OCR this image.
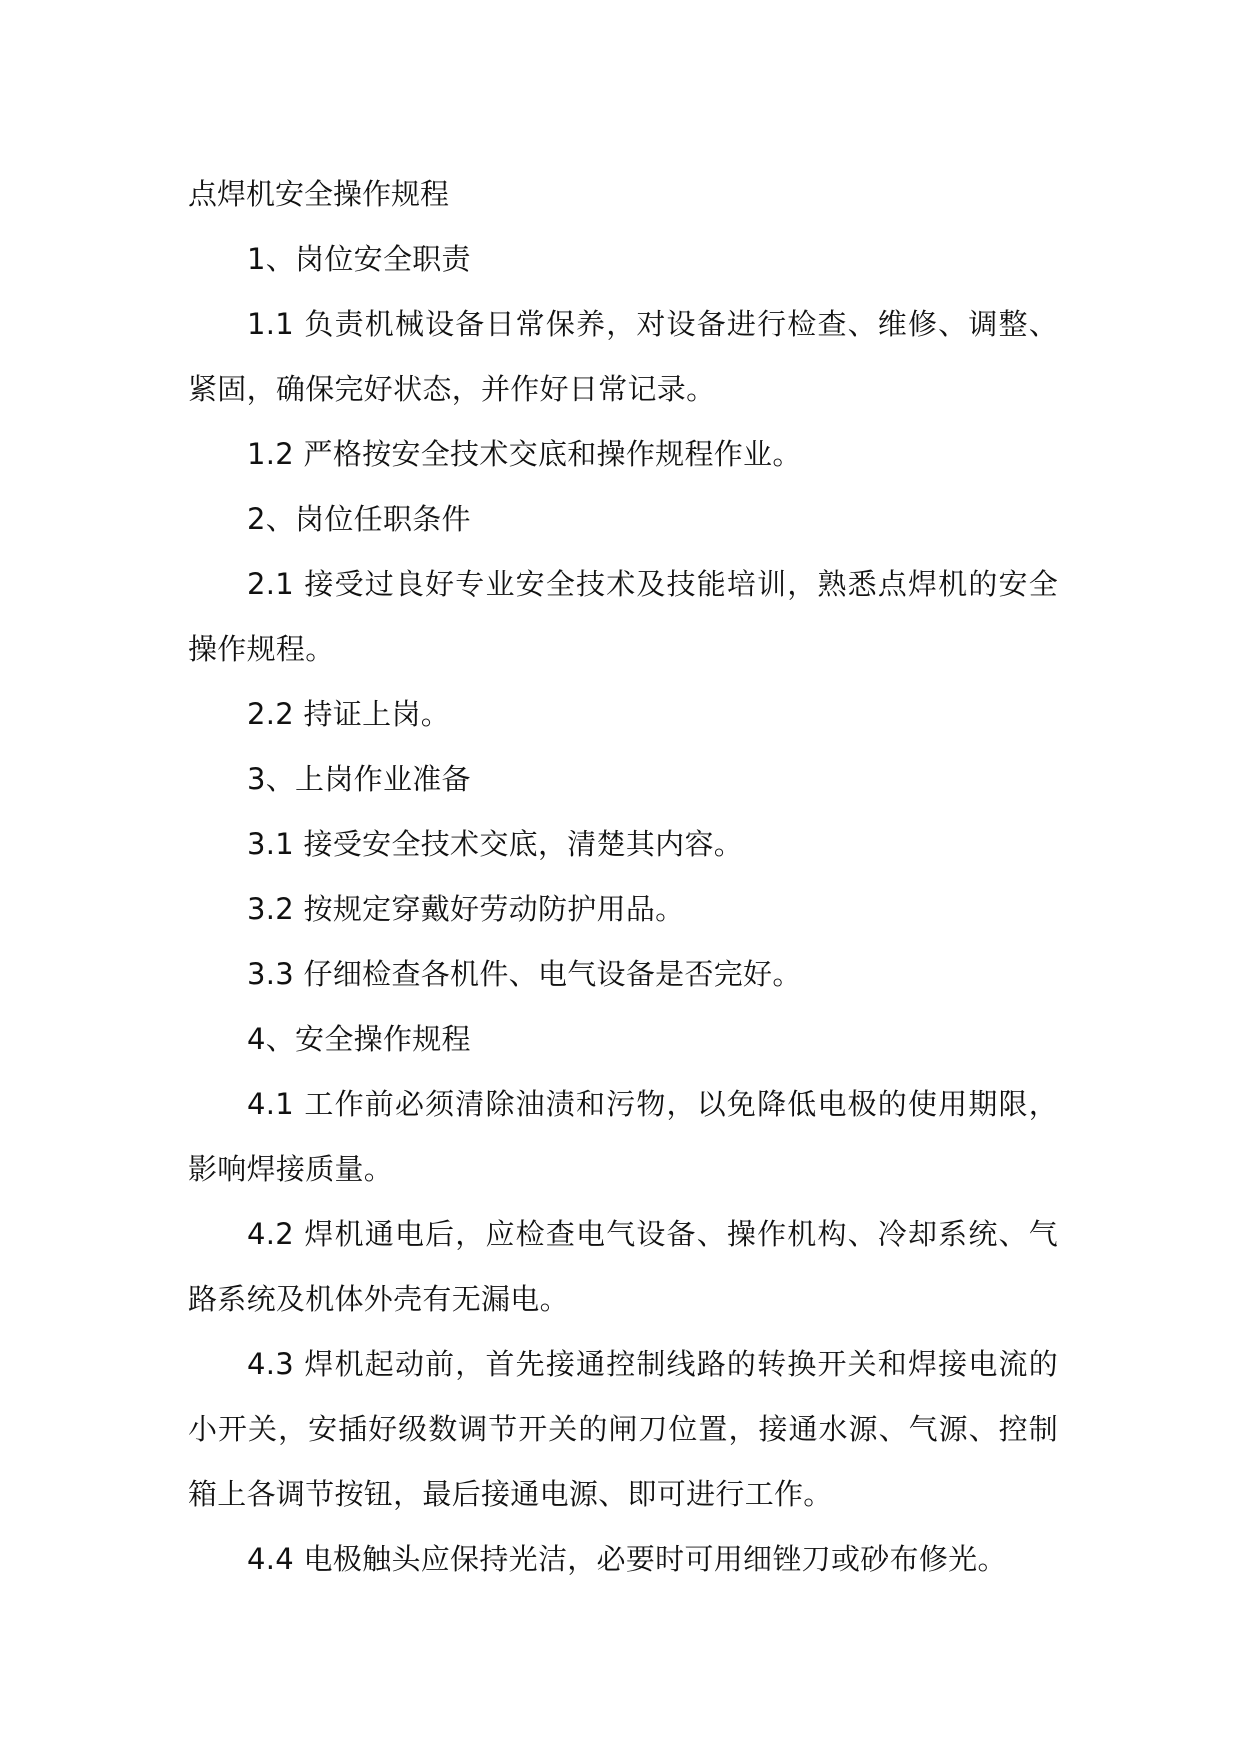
点焊机安全操作规程

1、岗位安全职责

1.1 负责机械设备日常保养，对设备进行检查、维修、调整、紧固，确保完好状态，并作好日常记录。

1.2 严格按安全技术交底和操作规程作业。

2、岗位任职条件

2.1 接受过良好专业安全技术及技能培训，熟悉点焊机的安全操作规程。

2.2 持证上岗。

3、上岗作业准备

3.1 接受安全技术交底，清楚其内容。

3.2 按规定穿戴好劳动防护用品。

3.3 仔细检查各机件、电气设备是否完好。

4、安全操作规程

4.1 工作前必须清除油渍和污物，以免降低电极的使用期限，影响焊接质量。

4.2 焊机通电后，应检查电气设备、操作机构、冷却系统、气路系统及机体外壳有无漏电。

4.3 焊机起动前，首先接通控制线路的转换开关和焊接电流的小开关，安插好级数调节开关的闸刀位置，接通水源、气源、控制箱上各调节按钮，最后接通电源、即可进行工作。

4.4 电极触头应保持光洁，必要时可用细锉刀或砂布修光。
